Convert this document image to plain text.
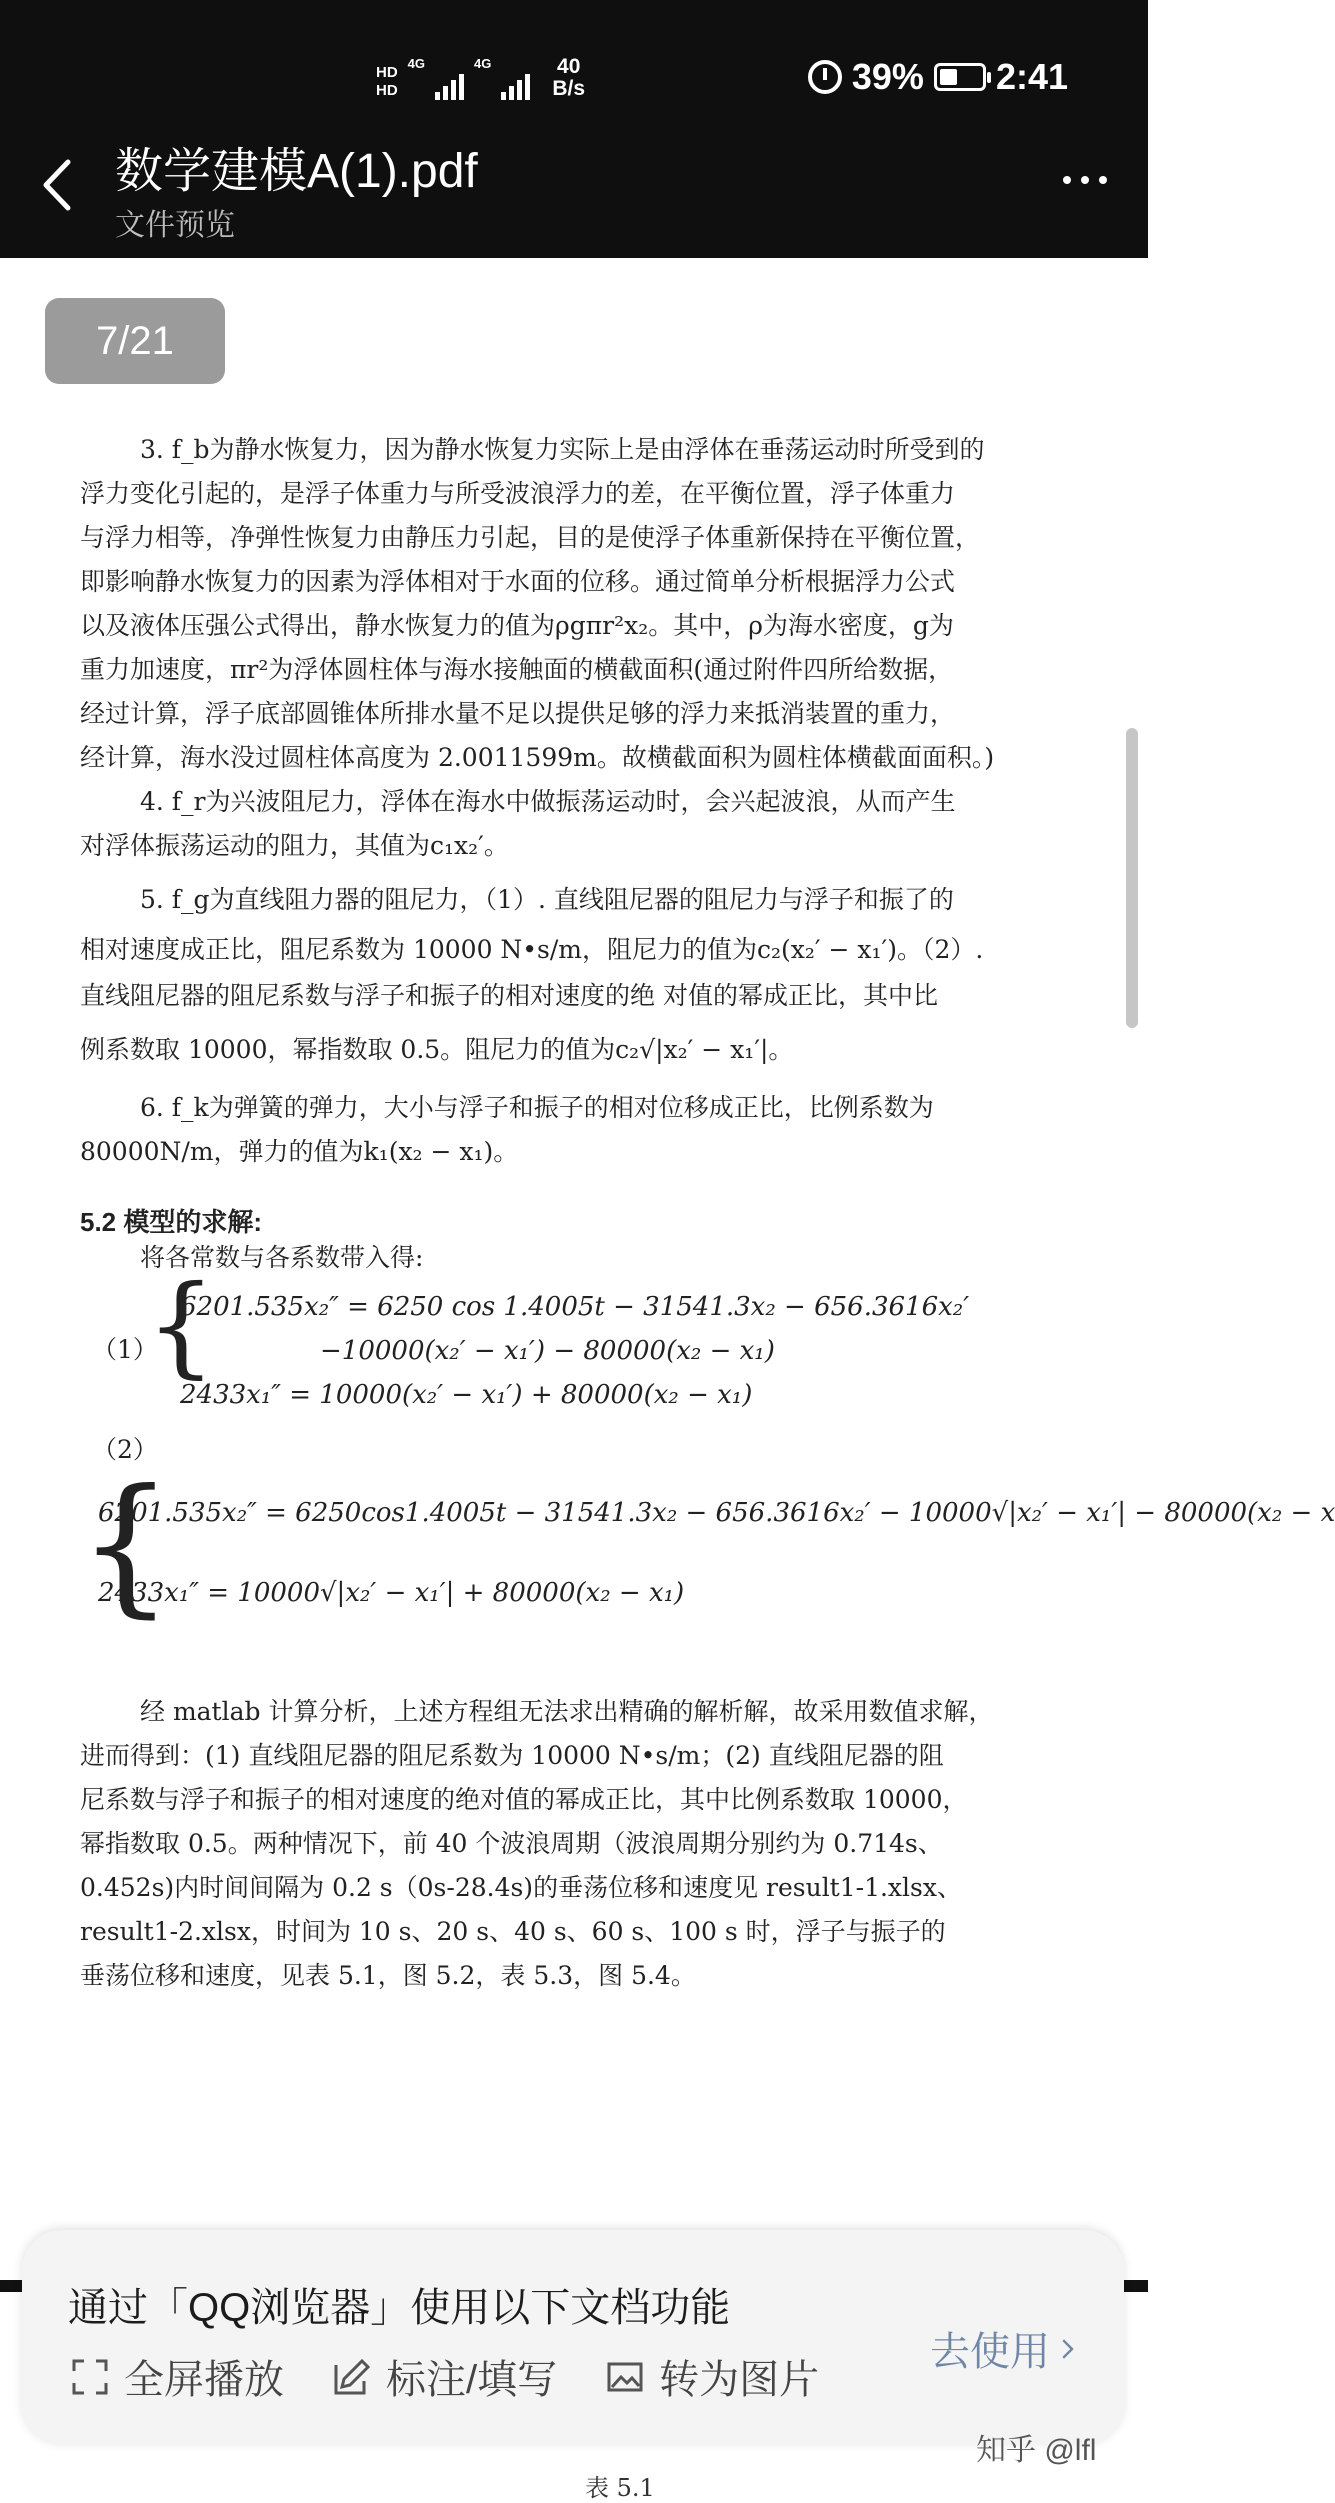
HD
HD
4G	4G	40
B/s	39% 2:41
数学建模A(1).pdf
文件预览
7/21
3. f_b为静水恢复力，因为静水恢复力实际上是由浮体在垂荡运动时所受到的
浮力变化引起的，是浮子体重力与所受波浪浮力的差，在平衡位置，浮子体重力
与浮力相等，净弹性恢复力由静压力引起，目的是使浮子体重新保持在平衡位置，
即影响静水恢复力的因素为浮体相对于水面的位移。通过简单分析根据浮力公式
以及液体压强公式得出，静水恢复力的值为ρgπr²x₂。其中，ρ为海水密度，g为
重力加速度，πr²为浮体圆柱体与海水接触面的横截面积(通过附件四所给数据，
经过计算，浮子底部圆锥体所排水量不足以提供足够的浮力来抵消装置的重力，
经计算，海水没过圆柱体高度为 2.0011599m。故横截面积为圆柱体横截面面积。)
4. f_r为兴波阻尼力，浮体在海水中做振荡运动时，会兴起波浪，从而产生
对浮体振荡运动的阻力，其值为c₁x₂′。
5. f_g为直线阻力器的阻尼力，（1）. 直线阻尼器的阻尼力与浮子和振了的
相对速度成正比，阻尼系数为 10000 N•s/m，阻尼力的值为c₂(x₂′ − x₁′)。（2）.
直线阻尼器的阻尼系数与浮子和振子的相对速度的绝 对值的幂成正比，其中比
例系数取 10000，幂指数取 0.5。阻尼力的值为c₂√|x₂′ − x₁′|。
6. f_k为弹簧的弹力，大小与浮子和振子的相对位移成正比，比例系数为
80000N/m，弹力的值为k₁(x₂ − x₁)。
5.2 模型的求解:
将各常数与各系数带入得:
（1）
{
6201.535x₂″ = 6250 cos 1.4005t − 31541.3x₂ − 656.3616x₂′
−10000(x₂′ − x₁′) − 80000(x₂ − x₁)
2433x₁″ = 10000(x₂′ − x₁′) + 80000(x₂ − x₁)
（2）
{
6201.535x₂″ = 6250cos1.4005t − 31541.3x₂ − 656.3616x₂′ − 10000√|x₂′ − x₁′| − 80000(x₂ − x
2433x₁″ = 10000√|x₂′ − x₁′| + 80000(x₂ − x₁)
经 matlab 计算分析，上述方程组无法求出精确的解析解，故采用数值求解，
进而得到：(1) 直线阻尼器的阻尼系数为 10000 N•s/m；(2) 直线阻尼器的阻
尼系数与浮子和振子的相对速度的绝对值的幂成正比，其中比例系数取 10000，
幂指数取 0.5。两种情况下，前 40 个波浪周期（波浪周期分别约为 0.714s、
0.452s)内时间间隔为 0.2 s（0s-28.4s)的垂荡位移和速度见 result1-1.xlsx、
result1-2.xlsx，时间为 10 s、20 s、40 s、60 s、100 s 时，浮子与振子的
垂荡位移和速度，见表 5.1，图 5.2，表 5.3，图 5.4。
通过「QQ浏览器」使用以下文档功能
全屏播放	标注/填写	转为图片
去使用
知乎 @lfl
表 5.1
